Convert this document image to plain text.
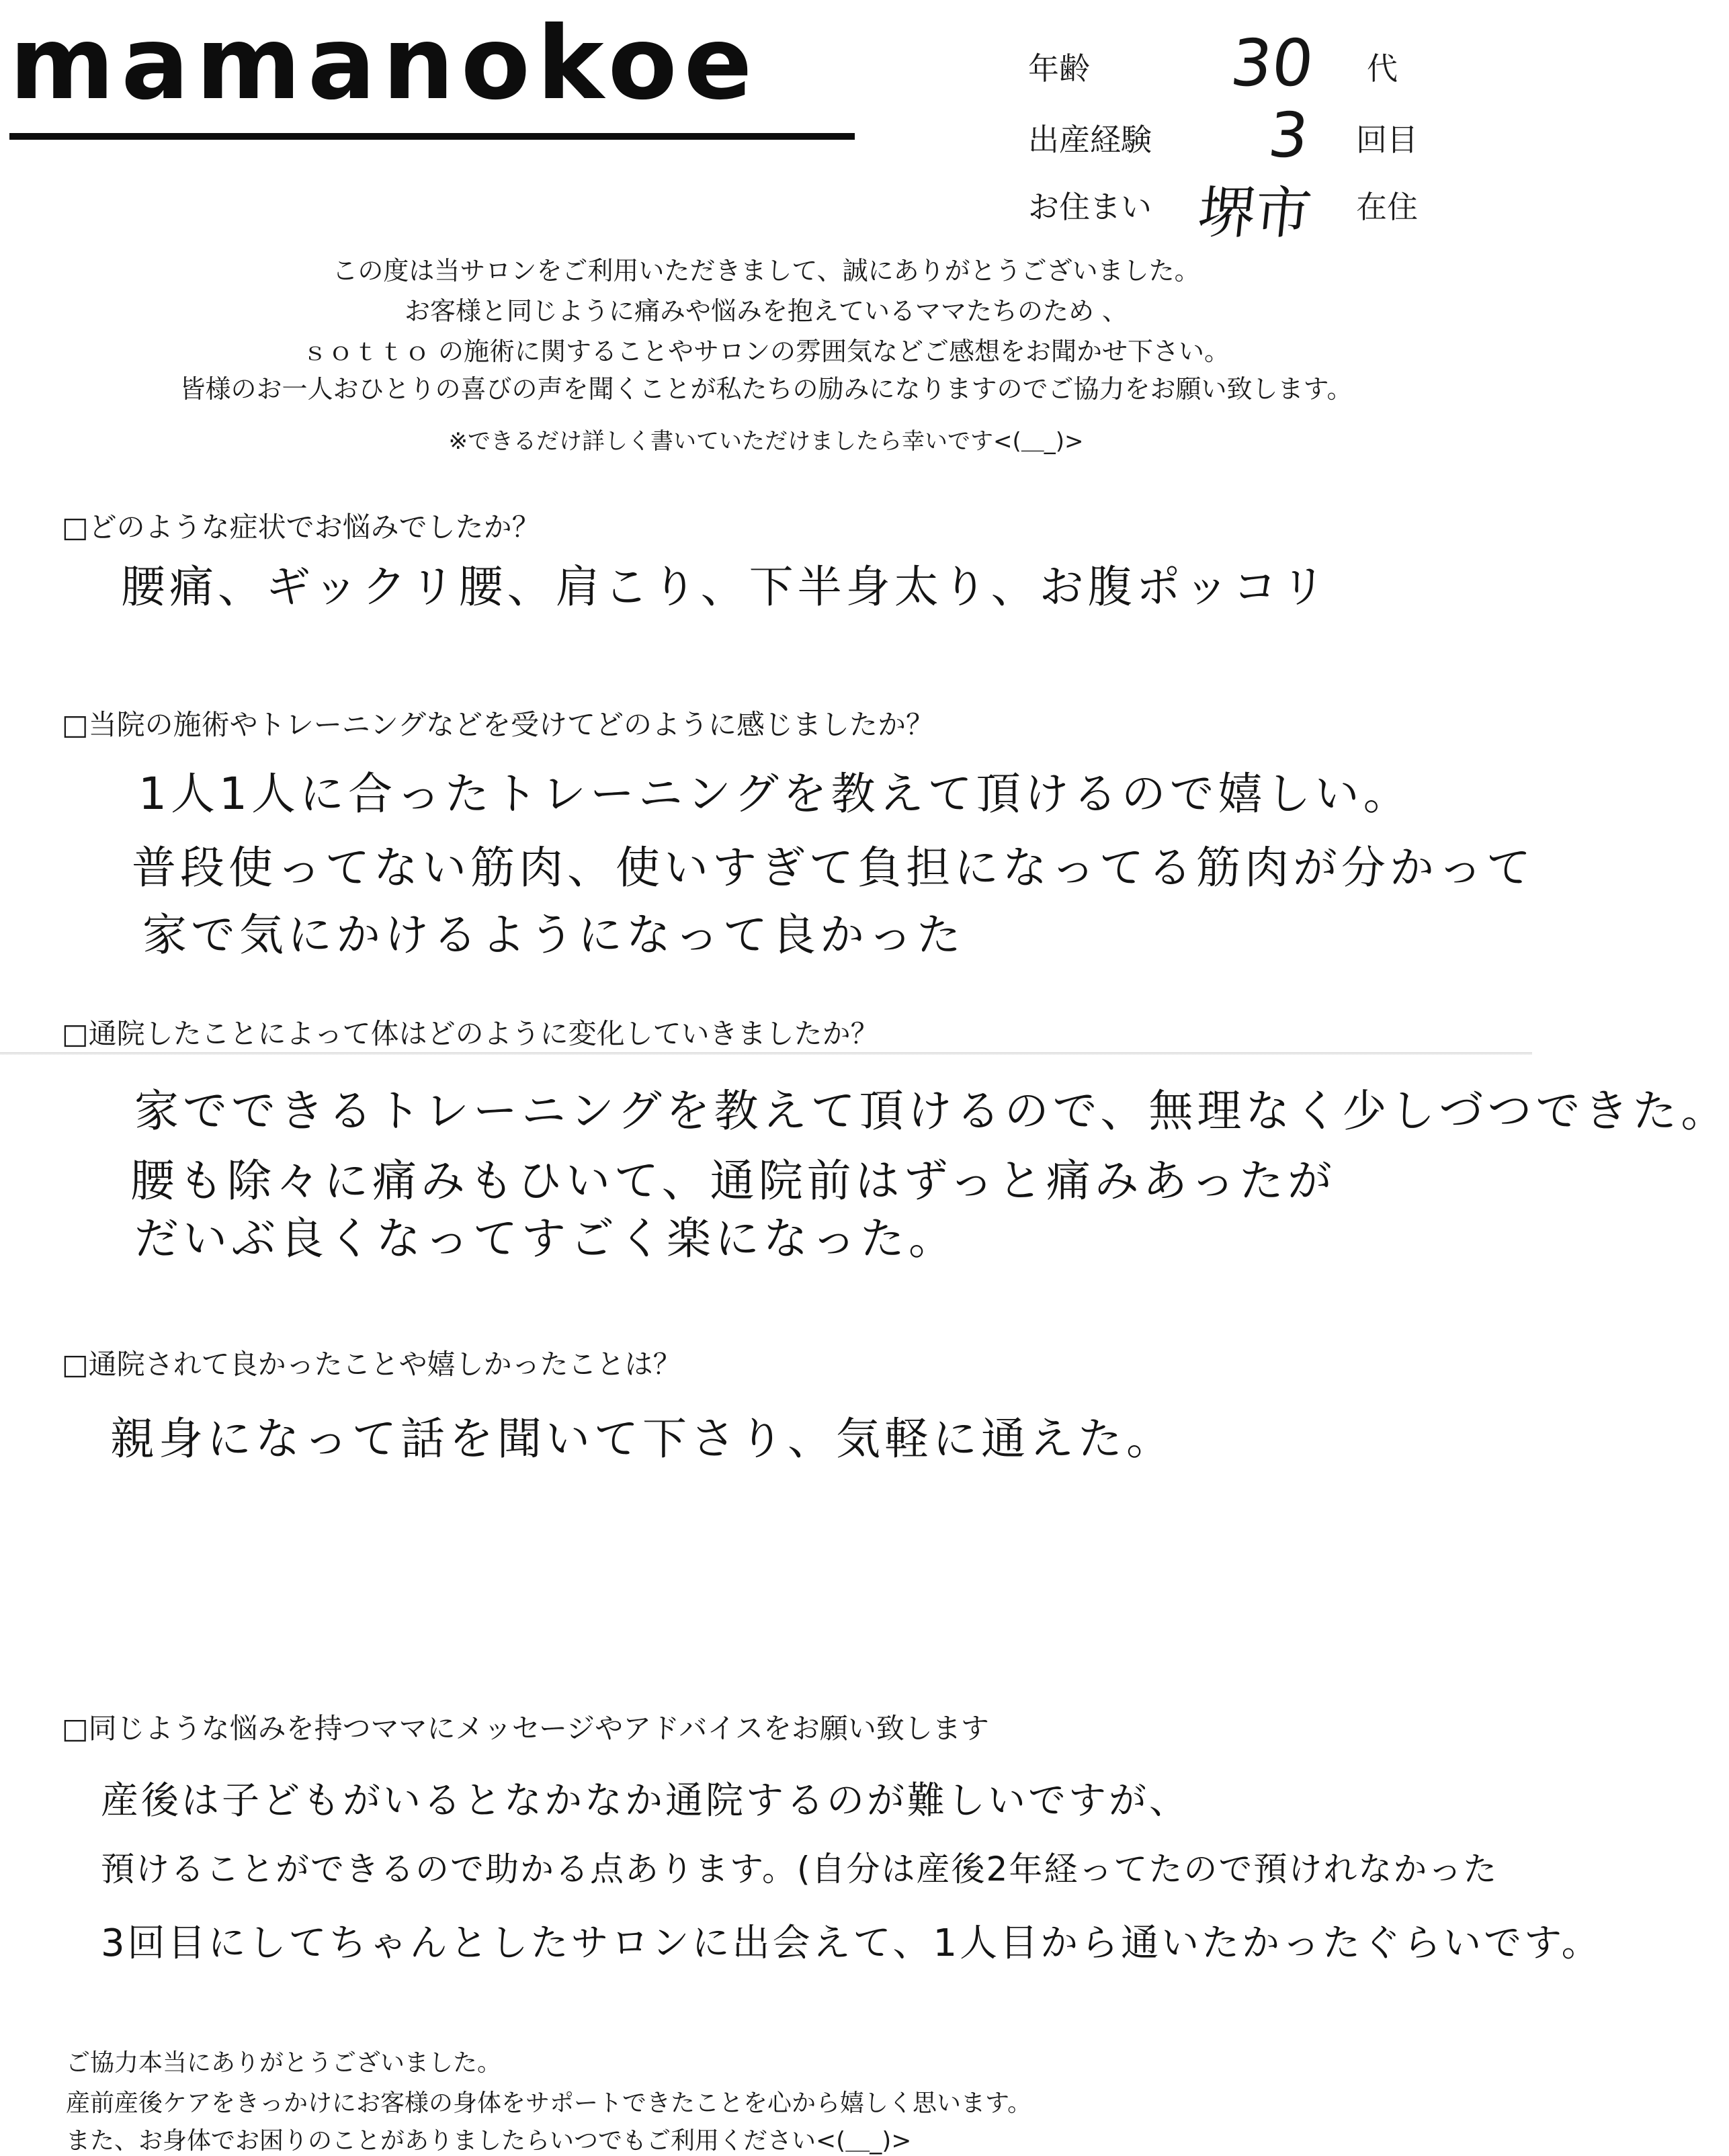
mamanokoe	年齢 30 代
出産経験 3 回目
お住まい 堺市 在住
この度は当サロンをご利用いただきまして、誠にありがとうございました。
お客様と同じように痛みや悩みを抱えているママたちのため 、
ｓｏｔｔｏ の施術に関することやサロンの雰囲気などご感想をお聞かせ下さい。
皆様のお一人おひとりの喜びの声を聞くことが私たちの励みになりますのでご協力をお願い致します。
※できるだけ詳しく書いていただけましたら幸いです<(＿_)>
□どのような症状でお悩みでしたか？
腰痛、ギックリ腰、肩こり、下半身太り、お腹ポッコリ
□当院の施術やトレーニングなどを受けてどのように感じましたか？
1人1人に合ったトレーニングを教えて頂けるので嬉しい。
普段使ってない筋肉、使いすぎて負担になってる筋肉が分かって
家で気にかけるようになって良かった
□通院したことによって体はどのように変化していきましたか？
家でできるトレーニングを教えて頂けるので、無理なく少しづつできた。
腰も除々に痛みもひいて、通院前はずっと痛みあったが
だいぶ良くなってすごく楽になった。
□通院されて良かったことや嬉しかったことは？
親身になって話を聞いて下さり、気軽に通えた。
□同じような悩みを持つママにメッセージやアドバイスをお願い致します
産後は子どもがいるとなかなか通院するのが難しいですが、
預けることができるので助かる点あります。(自分は産後2年経ってたので預けれなかった
3回目にしてちゃんとしたサロンに出会えて、1人目から通いたかったぐらいです。
ご協力本当にありがとうございました。
産前産後ケアをきっかけにお客様の身体をサポートできたことを心から嬉しく思います。
また、お身体でお困りのことがありましたらいつでもご利用ください<(＿_)>
